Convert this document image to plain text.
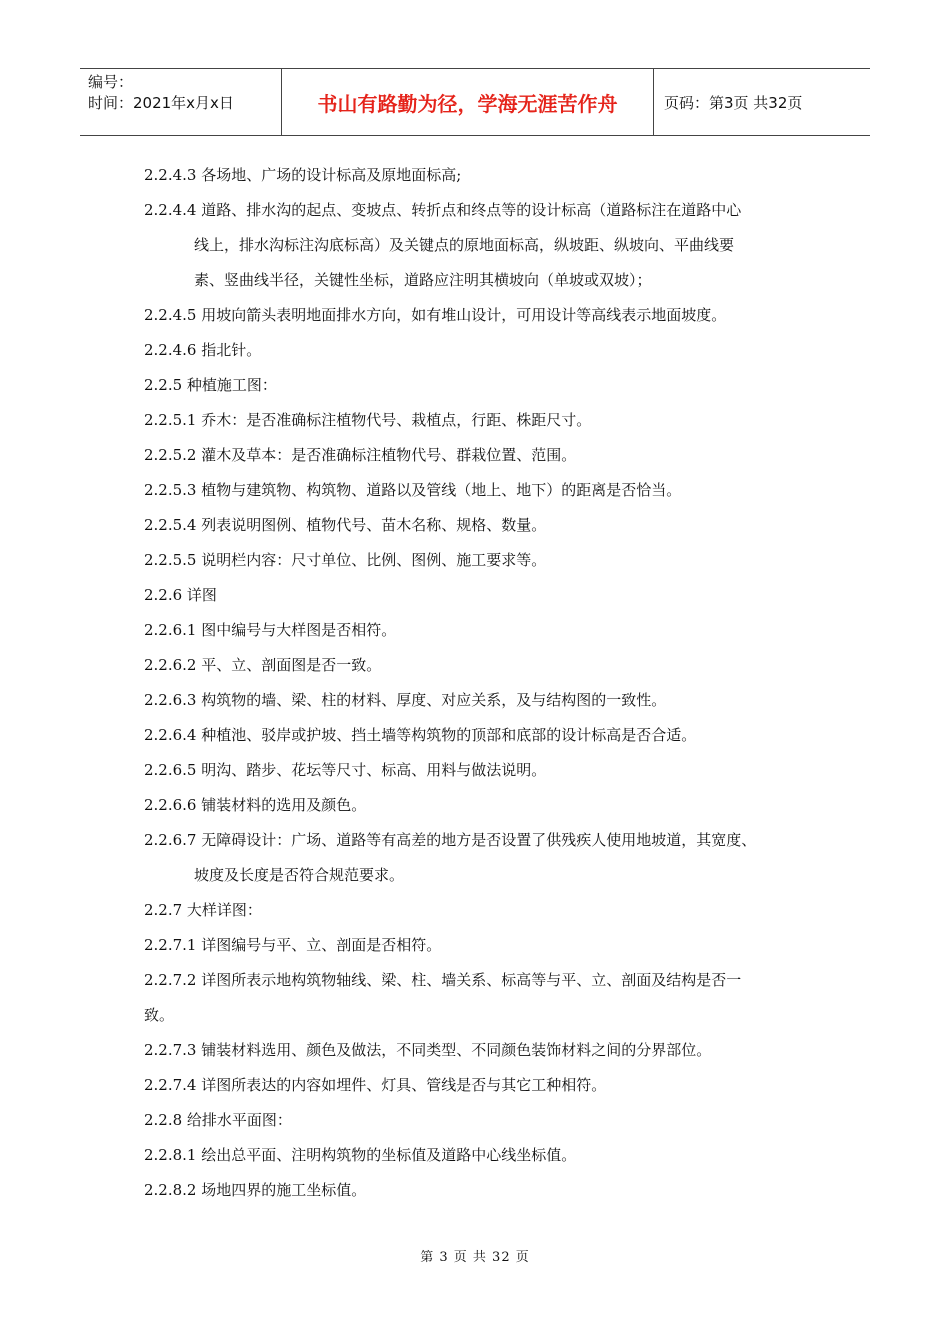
编号：
时间：2021年x月x日	书山有路勤为径，学海无涯苦作舟	页码：第3页 共32页
2.2.4.3 各场地、广场的设计标高及原地面标高;
2.2.4.4 道路、排水沟的起点、变坡点、转折点和终点等的设计标高（道路标注在道路中心
线上，排水沟标注沟底标高）及关键点的原地面标高，纵坡距、纵坡向、平曲线要
素、竖曲线半径，关键性坐标，道路应注明其横坡向（单坡或双坡）；
2.2.4.5 用坡向箭头表明地面排水方向，如有堆山设计，可用设计等高线表示地面坡度。
2.2.4.6 指北针。
2.2.5 种植施工图：
2.2.5.1 乔木：是否准确标注植物代号、栽植点，行距、株距尺寸。
2.2.5.2 灌木及草本：是否准确标注植物代号、群栽位置、范围。
2.2.5.3 植物与建筑物、构筑物、道路以及管线（地上、地下）的距离是否恰当。
2.2.5.4 列表说明图例、植物代号、苗木名称、规格、数量。
2.2.5.5 说明栏内容：尺寸单位、比例、图例、施工要求等。
2.2.6 详图
2.2.6.1 图中编号与大样图是否相符。
2.2.6.2 平、立、剖面图是否一致。
2.2.6.3 构筑物的墙、梁、柱的材料、厚度、对应关系，及与结构图的一致性。
2.2.6.4 种植池、驳岸或护坡、挡土墙等构筑物的顶部和底部的设计标高是否合适。
2.2.6.5 明沟、踏步、花坛等尺寸、标高、用料与做法说明。
2.2.6.6 铺装材料的选用及颜色。
2.2.6.7 无障碍设计：广场、道路等有高差的地方是否设置了供残疾人使用地坡道，其宽度、
坡度及长度是否符合规范要求。
2.2.7 大样详图：
2.2.7.1 详图编号与平、立、剖面是否相符。
2.2.7.2 详图所表示地构筑物轴线、梁、柱、墙关系、标高等与平、立、剖面及结构是否一
致。
2.2.7.3 铺装材料选用、颜色及做法，不同类型、不同颜色装饰材料之间的分界部位。
2.2.7.4 详图所表达的内容如埋件、灯具、管线是否与其它工种相符。
2.2.8 给排水平面图：
2.2.8.1 绘出总平面、注明构筑物的坐标值及道路中心线坐标值。
2.2.8.2 场地四界的施工坐标值。
第 3 页 共 32 页
